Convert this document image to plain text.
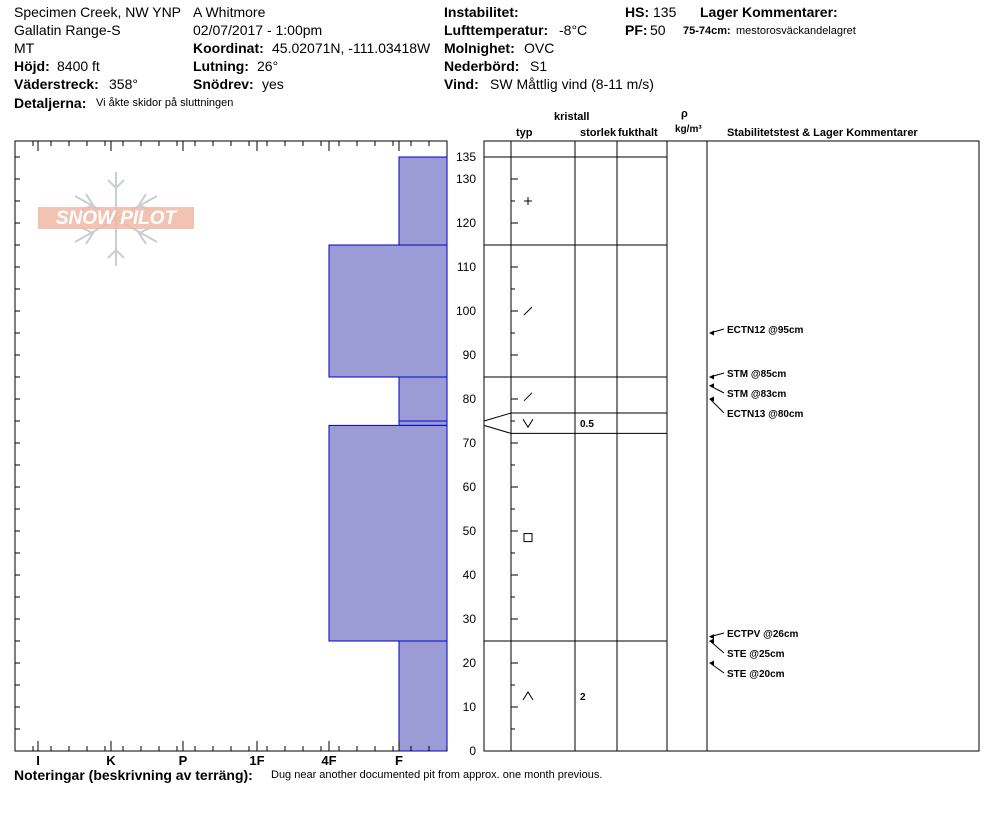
Specimen Creek, NW YNP A Whitmore
Gallatin Range-S
MT
02/07/2017 - 1:00pm
Höjd: 8400 ft
Väderstreck: 358°
Detaljerna: Vi åkte skidor på sluttningen
Koordinat: 45.02071N, -111.03418W
Lutning: 26°
Snödrev: yes
Instabilitet:
Lufttemperatur: -8°C
Molnighet: OVC
Nederbörd: S1
Vind: SW Måttlig vind (8-11 m/s)
HS: 135
PF: 50
Lager Kommentarer:
75-74cm: mestorosväckandelagret
kristall
typ	storlek fukthalt
ρ
kg/m³ Stabilitetstest & Lager Kommentarer
Noteringar (beskrivning av terräng): Dug near another documented pit from approx. one month previous.
SNOW PILOT
I	K	P	1F	4F	F
0
10
20
30
40
50
60
70
80
90
100
110
120
130
135
0.5
2
ECTN12 @95cm
STM @85cm
STM @83cm
ECTN13 @80cm
ECTPV @26cm
STE @25cm
STE @20cm
